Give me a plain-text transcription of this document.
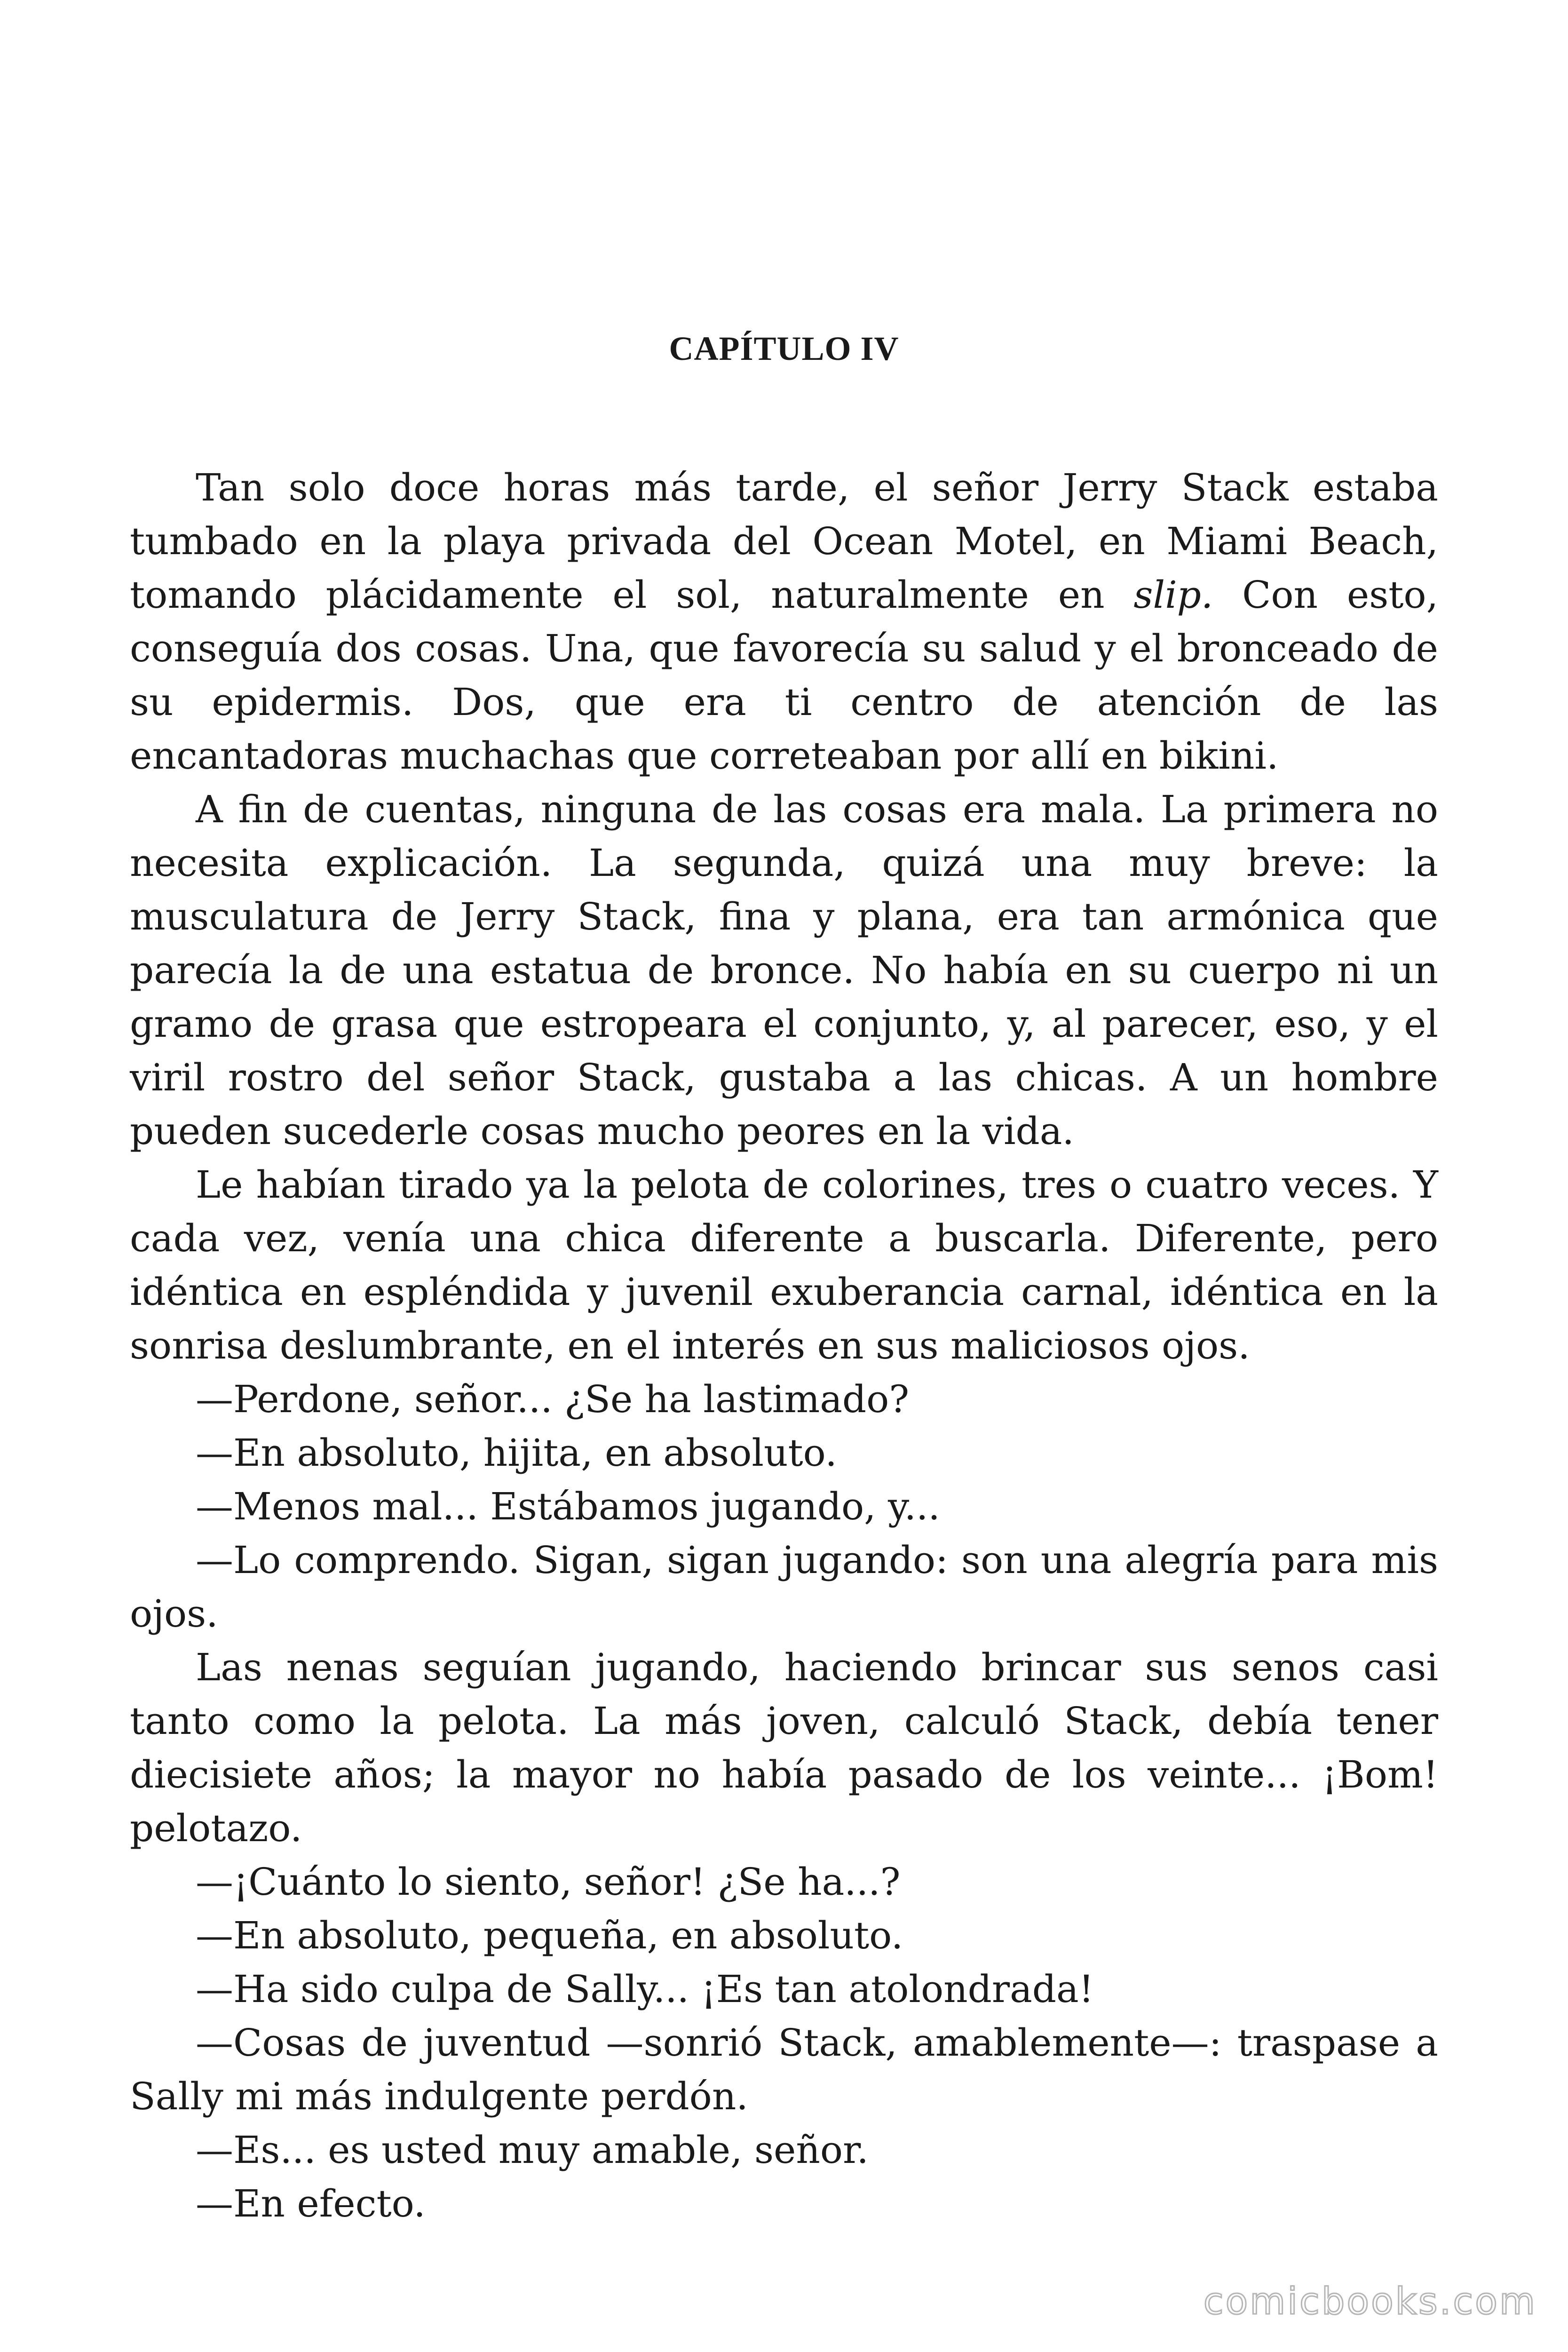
CAPÍTULO IV

Tan solo doce horas más tarde, el señor Jerry Stack estaba tumbado en la playa privada del Ocean Motel, en Miami Beach, tomando plácidamente el sol, naturalmente en slip. Con esto, conseguía dos cosas. Una, que favorecía su salud y el bronceado de su epidermis. Dos, que era ti centro de atención de las encantadoras muchachas que correteaban por allí en bikini.

A fin de cuentas, ninguna de las cosas era mala. La primera no necesita explicación. La segunda, quizá una muy breve: la musculatura de Jerry Stack, fina y plana, era tan armónica que parecía la de una estatua de bronce. No había en su cuerpo ni un gramo de grasa que estropeara el conjunto, y, al parecer, eso, y el viril rostro del señor Stack, gustaba a las chicas. A un hombre pueden sucederle cosas mucho peores en la vida.

Le habían tirado ya la pelota de colorines, tres o cuatro veces. Y cada vez, venía una chica diferente a buscarla. Diferente, pero idéntica en espléndida y juvenil exuberancia carnal, idéntica en la sonrisa deslumbrante, en el interés en sus maliciosos ojos.

—Perdone, señor... ¿Se ha lastimado?

—En absoluto, hijita, en absoluto.

—Menos mal... Estábamos jugando, y...

—Lo comprendo. Sigan, sigan jugando: son una alegría para mis ojos.

Las nenas seguían jugando, haciendo brincar sus senos casi tanto como la pelota. La más joven, calculó Stack, debía tener diecisiete años; la mayor no había pasado de los veinte... ¡Bom! pelotazo.

—¡Cuánto lo siento, señor! ¿Se ha...?

—En absoluto, pequeña, en absoluto.

—Ha sido culpa de Sally... ¡Es tan atolondrada!

—Cosas de juventud —sonrió Stack, amablemente—: traspase a Sally mi más indulgente perdón.

—Es... es usted muy amable, señor.

—En efecto.

comicbooks.com
